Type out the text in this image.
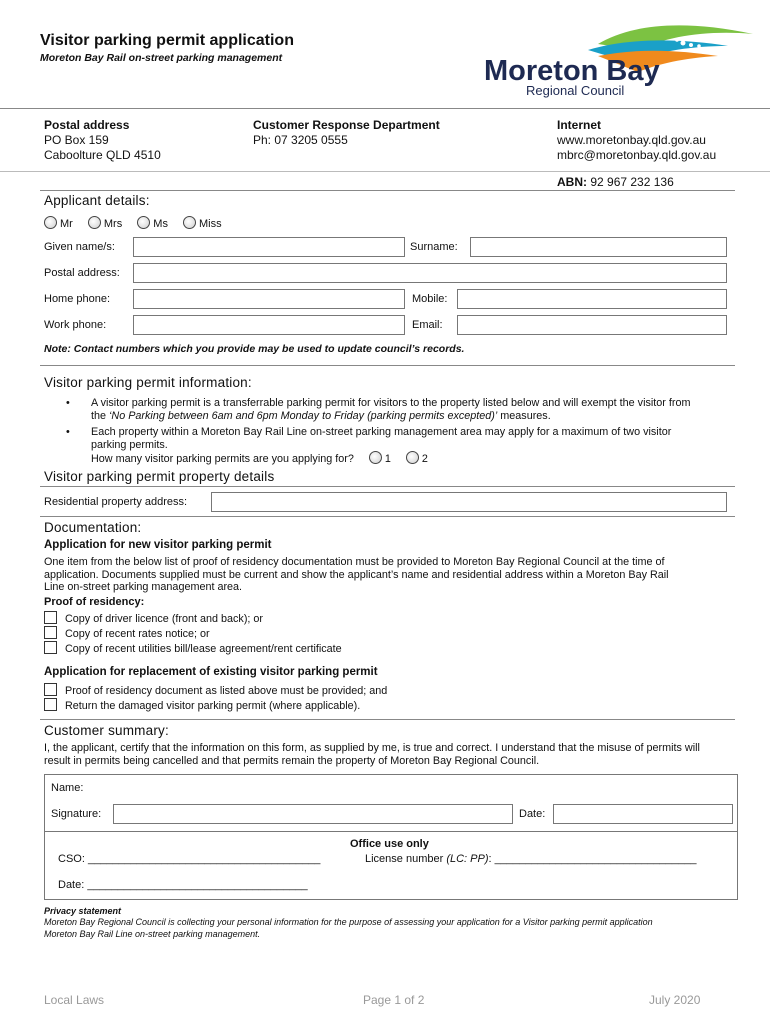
Visitor parking permit application
Moreton Bay Rail on-street parking management	Moreton Bay
Regional Council
Postal address
PO Box 159
Caboolture QLD 4510
Customer Response Department
Ph: 07 3205 0555
Internet
www.moretonbay.qld.gov.au
mbrc@moretonbay.qld.gov.au
ABN: 92 967 232 136
Applicant details:
Mr	Mrs	Ms	Miss
Given name/s:	Surname:
Postal address:
Home phone:	Mobile:
Work phone:	Email:
Note: Contact numbers which you provide may be used to update council’s records.
Visitor parking permit information:
• A visitor parking permit is a transferrable parking permit for visitors to the property listed below and will exempt the visitor from
the ‘No Parking between 6am and 6pm Monday to Friday (parking permits excepted)’ measures.
• Each property within a Moreton Bay Rail Line on-street parking management area may apply for a maximum of two visitor
parking permits.
How many visitor parking permits are you applying for?	1	2
Visitor parking permit property details
Residential property address:
Documentation:
Application for new visitor parking permit
One item from the below list of proof of residency documentation must be provided to Moreton Bay Regional Council at the time of
application. Documents supplied must be current and show the applicant’s name and residential address within a Moreton Bay Rail
Line on-street parking management area.
Proof of residency:
Copy of driver licence (front and back); or
Copy of recent rates notice; or
Copy of recent utilities bill/lease agreement/rent certificate
Application for replacement of existing visitor parking permit
Proof of residency document as listed above must be provided; and
Return the damaged visitor parking permit (where applicable).
Customer summary:
I, the applicant, certify that the information on this form, as supplied by me, is true and correct. I understand that the misuse of permits will
result in permits being cancelled and that permits remain the property of Moreton Bay Regional Council.
Name:
Signature:	Date:
Office use only
CSO: ______________________________________	License number (LC: PP): _________________________________
Date: ____________________________________
Privacy statement
Moreton Bay Regional Council is collecting your personal information for the purpose of assessing your application for a Visitor parking permit application
Moreton Bay Rail Line on-street parking management.
Local Laws	Page 1 of 2	July 2020
